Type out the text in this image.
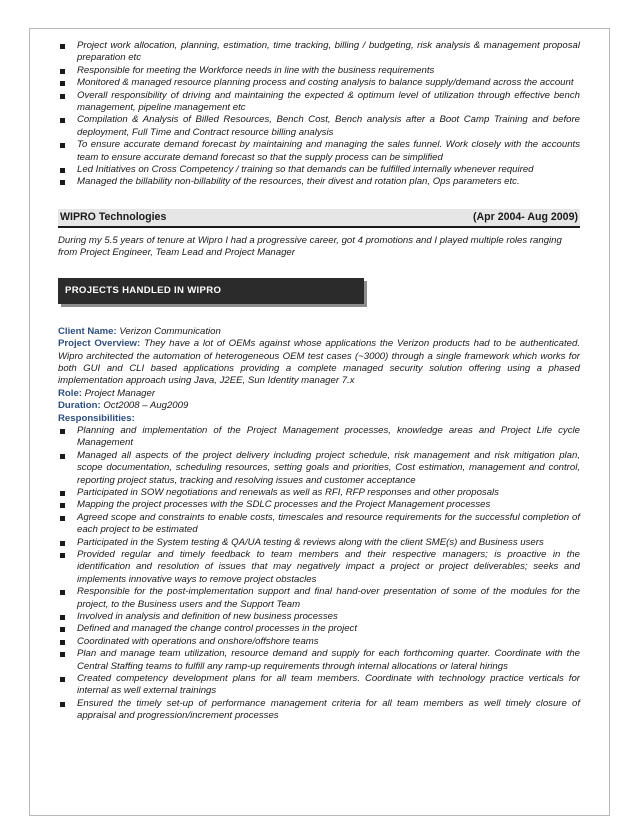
Project work allocation, planning, estimation, time tracking, billing / budgeting, risk analysis & management proposal preparation etc
Responsible for meeting the Workforce needs in line with the business requirements
Monitored & managed resource planning process and costing analysis to balance supply/demand across the account
Overall responsibility of driving and maintaining the expected & optimum level of utilization through effective bench management, pipeline management etc
Compilation & Analysis of Billed Resources, Bench Cost, Bench analysis after a Boot Camp Training and before deployment, Full Time and Contract resource billing analysis
To ensure accurate demand forecast by maintaining and managing the sales funnel. Work closely with the accounts team to ensure accurate demand forecast so that the supply process can be simplified
Led Initiatives on Cross Competency / training so that demands can be fulfilled internally whenever required
Managed the billability non-billability of the resources, their divest and rotation plan, Ops parameters etc.
WIPRO Technologies	(Apr 2004- Aug 2009)
During my 5.5 years of tenure at Wipro I had a progressive career, got 4 promotions and I played multiple roles ranging from Project Engineer, Team Lead and Project Manager
PROJECTS HANDLED IN WIPRO
Client Name: Verizon Communication
Project Overview: They have a lot of OEMs against whose applications the Verizon products had to be authenticated. Wipro architected the automation of heterogeneous OEM test cases (~3000) through a single framework which works for both GUI and CLI based applications providing a complete managed security solution offering using a phased implementation approach using Java, J2EE, Sun Identity manager 7.x
Role: Project Manager
Duration: Oct2008 – Aug2009
Responsibilities:
Planning and implementation of the Project Management processes, knowledge areas and Project Life cycle Management
Managed all aspects of the project delivery including project schedule, risk management and risk mitigation plan, scope documentation, scheduling resources, setting goals and priorities, Cost estimation, management and control, reporting project status, tracking and resolving issues and customer acceptance
Participated in SOW negotiations and renewals as well as RFI, RFP responses and other proposals
Mapping the project processes with the SDLC processes and the Project Management processes
Agreed scope and constraints to enable costs, timescales and resource requirements for the successful completion of each project to be estimated
Participated in the System testing & QA/UA testing & reviews along with the client SME(s) and Business users
Provided regular and timely feedback to team members and their respective managers; is proactive in the identification and resolution of issues that may negatively impact a project or project deliverables; seeks and implements innovative ways to remove project obstacles
Responsible for the post-implementation support and final hand-over presentation of some of the modules for the project, to the Business users and the Support Team
Involved in analysis and definition of new business processes
Defined and managed the change control processes in the project
Coordinated with operations and onshore/offshore teams
Plan and manage team utilization, resource demand and supply for each forthcoming quarter. Coordinate with the Central Staffing teams to fulfill any ramp-up requirements through internal allocations or lateral hirings
Created competency development plans for all team members. Coordinate with technology practice verticals for internal as well external trainings
Ensured the timely set-up of performance management criteria for all team members as well timely closure of appraisal and progression/increment processes
